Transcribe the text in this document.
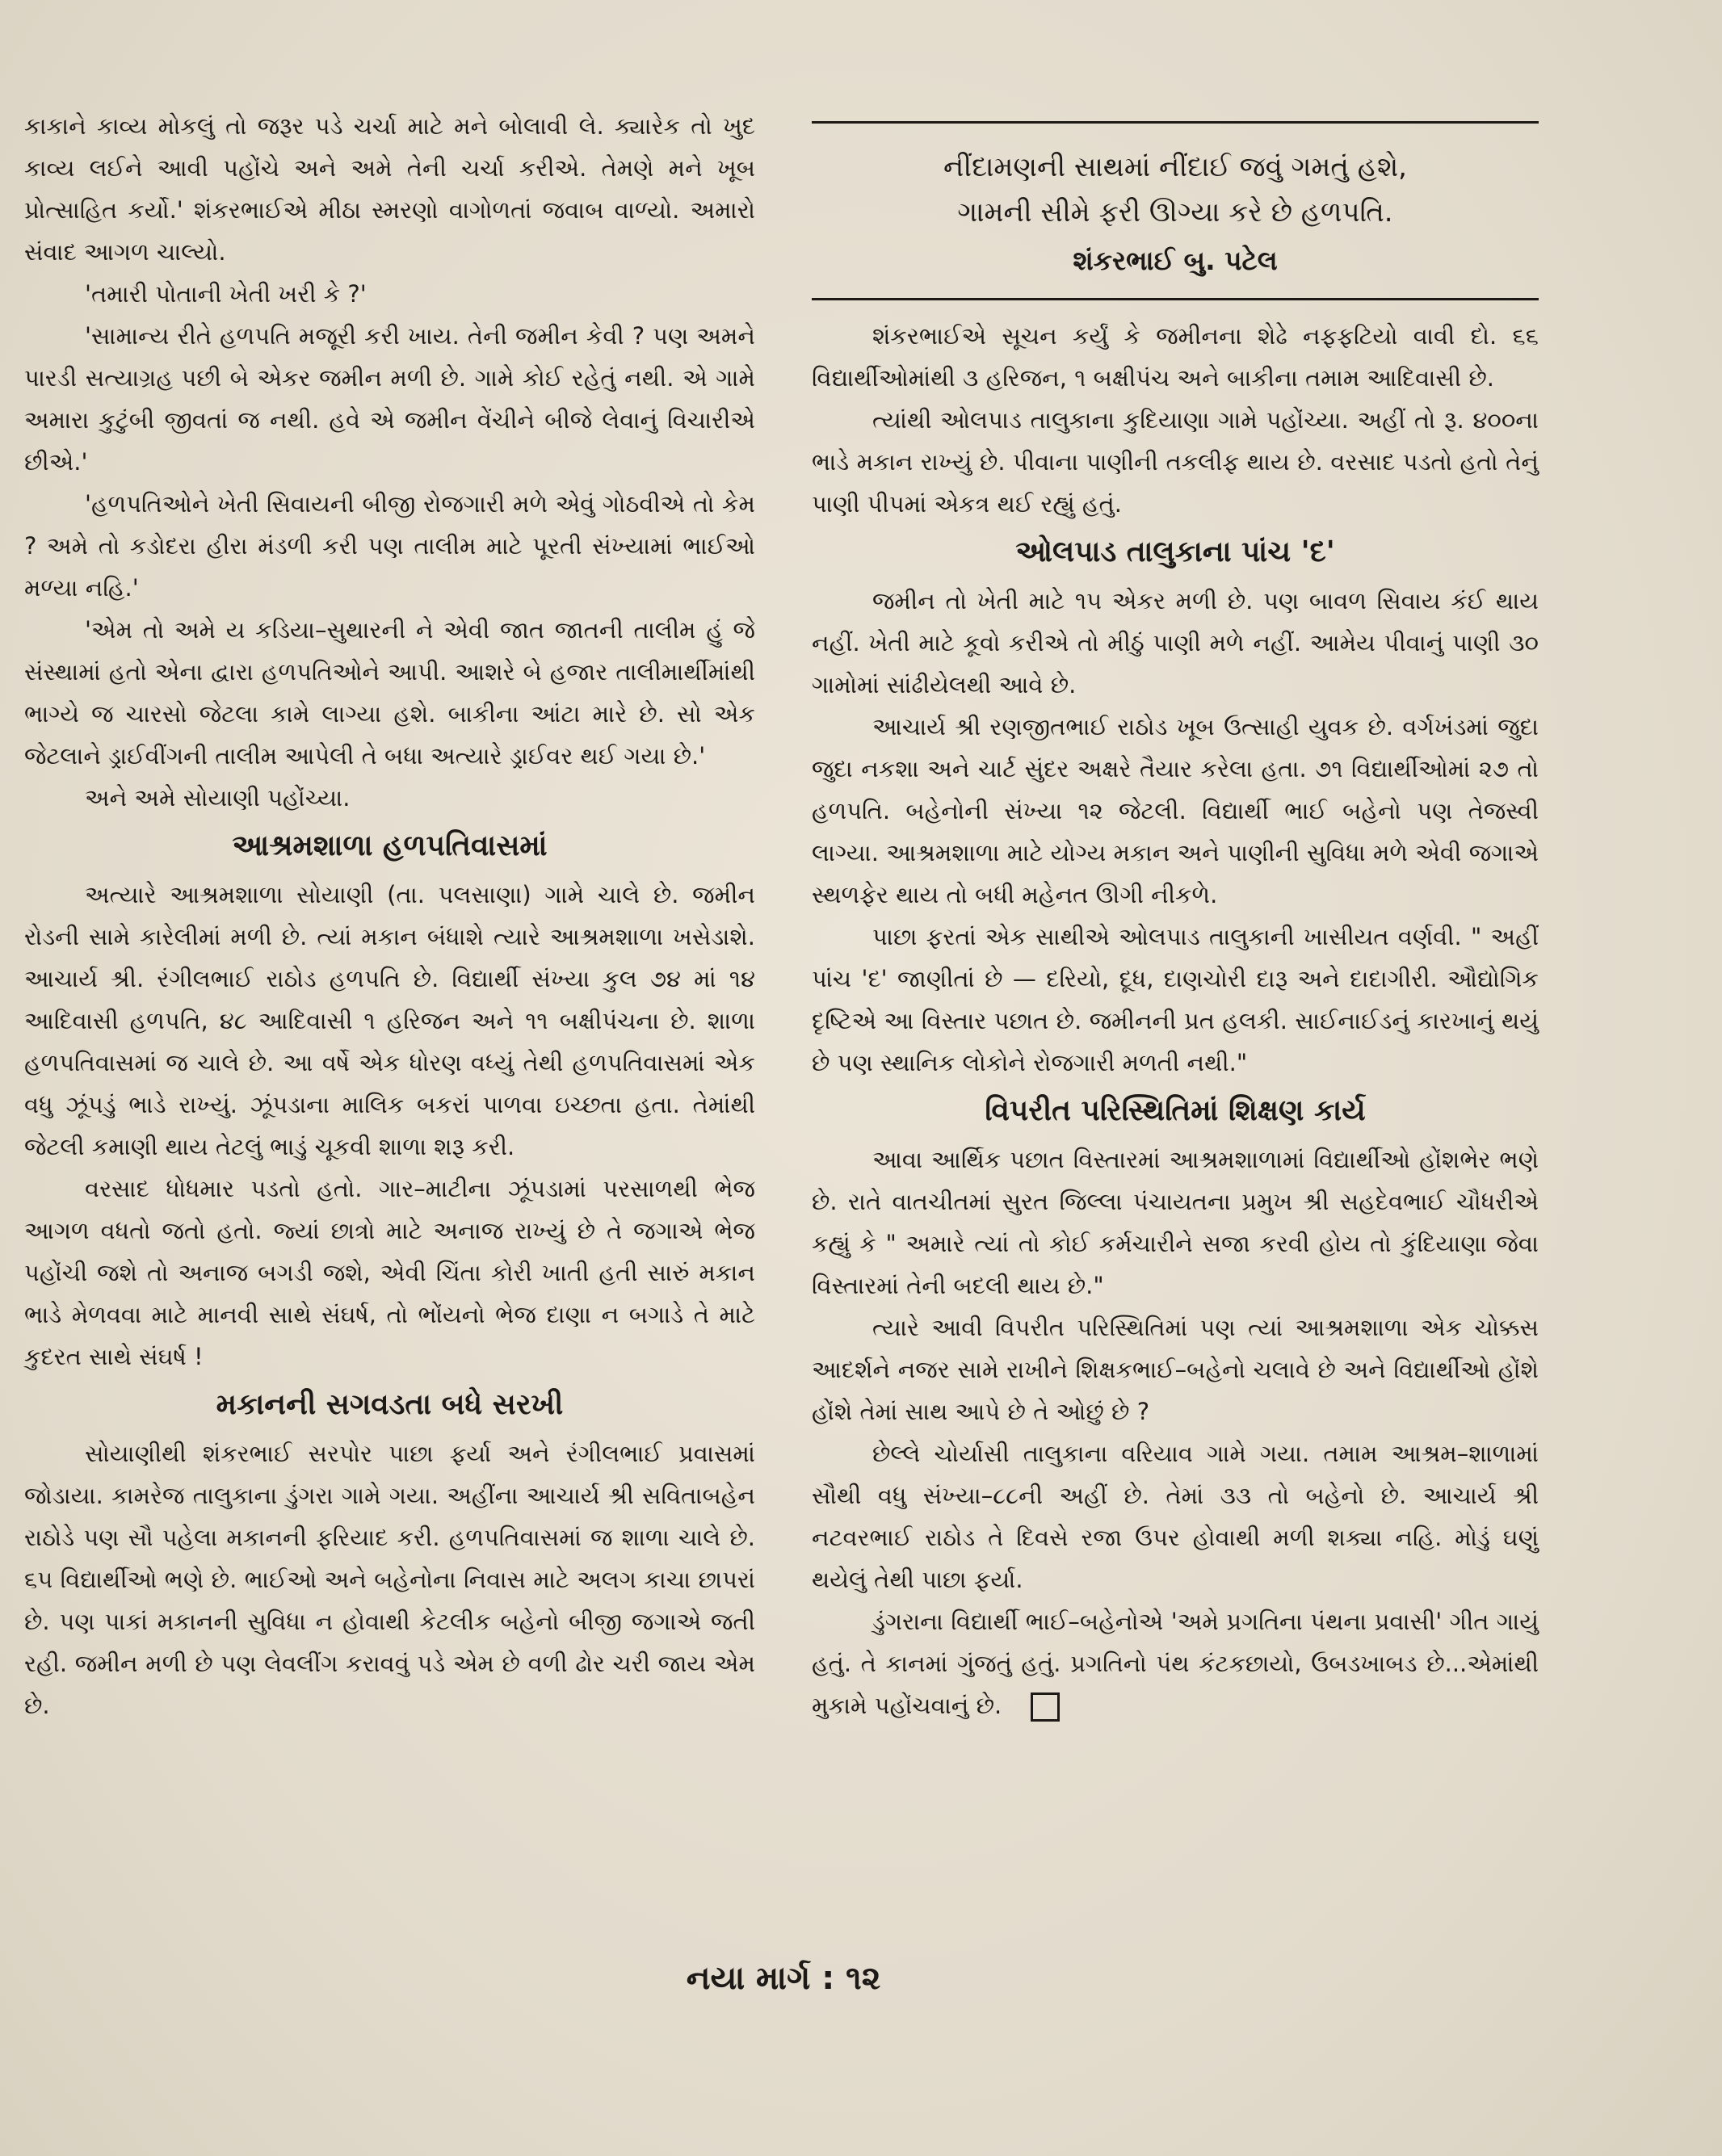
કાકાને કાવ્ય મોકલું તો જરૂર પડે ચર્ચા માટે મને બોલાવી લે. ક્યારેક તો ખુદ કાવ્ય લઈને આવી પહોંચે અને અમે તેની ચર્ચા કરીએ. તેમણે મને ખૂબ પ્રોત્સાહિત કર્યો.' શંકરભાઈએ મીઠા સ્મરણો વાગોળતાં જવાબ વાળ્યો. અમારો સંવાદ આગળ ચાલ્યો.

'તમારી પોતાની ખેતી ખરી કે ?'

'સામાન્ય રીતે હળપતિ મજૂરી કરી ખાય. તેની જમીન કેવી ? પણ અમને પારડી સત્યાગ્રહ પછી બે એકર જમીન મળી છે. ગામે કોઈ રહેતું નથી. એ ગામે અમારા કુટુંબી જીવતાં જ નથી. હવે એ જમીન વેંચીને બીજે લેવાનું વિચારીએ છીએ.'

'હળપતિઓને ખેતી સિવાયની બીજી રોજગારી મળે એવું ગોઠવીએ તો કેમ ? અમે તો કડોદરા હીરા મંડળી કરી પણ તાલીમ માટે પૂરતી સંખ્યામાં ભાઈઓ મળ્યા નહિ.'

'એમ તો અમે ય કડિયા–સુથારની ને એવી જાત જાતની તાલીમ હું જે સંસ્થામાં હતો એના દ્વારા હળપતિઓને આપી. આશરે બે હજાર તાલીમાર્થીમાંથી ભાગ્યે જ ચારસો જેટલા કામે લાગ્યા હશે. બાકીના આંટા મારે છે. સો એક જેટલાને ડ્રાઈવીંગની તાલીમ આપેલી તે બધા અત્યારે ડ્રાઈવર થઈ ગયા છે.'

અને અમે સોયાણી પહોંચ્યા.

આશ્રમશાળા હળપતિવાસમાં

અત્યારે આશ્રમશાળા સોયાણી (તા. પલસાણા) ગામે ચાલે છે. જમીન રોડની સામે કારેલીમાં મળી છે. ત્યાં મકાન બંધાશે ત્યારે આશ્રમશાળા ખસેડાશે. આચાર્ય શ્રી. રંગીલભાઈ રાઠોડ હળપતિ છે. વિદ્યાર્થી સંખ્યા કુલ ૭૪ માં ૧૪ આદિવાસી હળપતિ, ૪૮ આદિવાસી ૧ હરિજન અને ૧૧ બક્ષીપંચના છે. શાળા હળપતિવાસમાં જ ચાલે છે. આ વર્ષે એક ધોરણ વધ્યું તેથી હળપતિવાસમાં એક વધુ ઝૂંપડું ભાડે રાખ્યું. ઝૂંપડાના માલિક બકરાં પાળવા ઇચ્છતા હતા. તેમાંથી જેટલી કમાણી થાય તેટલું ભાડું ચૂકવી શાળા શરૂ કરી.

વરસાદ ધોધમાર પડતો હતો. ગાર–માટીના ઝૂંપડામાં પરસાળથી ભેજ આગળ વધતો જતો હતો. જ્યાં છાત્રો માટે અનાજ રાખ્યું છે તે જગાએ ભેજ પહોંચી જશે તો અનાજ બગડી જશે, એવી ચિંતા કોરી ખાતી હતી સારું મકાન ભાડે મેળવવા માટે માનવી સાથે સંઘર્ષ, તો ભોંયનો ભેજ દાણા ન બગાડે તે માટે કુદરત સાથે સંઘર્ષ !

મકાનની સગવડતા બધે સરખી

સોયાણીથી શંકરભાઈ સરપોર પાછા ફર્યા અને રંગીલભાઈ પ્રવાસમાં જોડાયા. કામરેજ તાલુકાના ડુંગરા ગામે ગયા. અહીંના આચાર્ય શ્રી સવિતાબહેન રાઠોડે પણ સૌ પહેલા મકાનની ફરિયાદ કરી. હળપતિવાસમાં જ શાળા ચાલે છે. ૬૫ વિદ્યાર્થીઓ ભણે છે. ભાઈઓ અને બહેનોના નિવાસ માટે અલગ કાચા છાપરાં છે. પણ પાકાં મકાનની સુવિધા ન હોવાથી કેટલીક બહેનો બીજી જગાએ જતી રહી. જમીન મળી છે પણ લેવલીંગ કરાવવું પડે એમ છે વળી ઢોર ચરી જાય એમ છે.

નીંદામણની સાથમાં નીંદાઈ જવું ગમતું હશે,
ગામની સીમે ફરી ઊગ્યા કરે છે હળપતિ.
શંકરભાઈ બુ. પટેલ

શંકરભાઈએ સૂચન કર્યું કે જમીનના શેઢે નફફટિયો વાવી દો. ૬૬ વિદ્યાર્થીઓમાંથી ૩ હરિજન, ૧ બક્ષીપંચ અને બાકીના તમામ આદિવાસી છે.

ત્યાંથી ઓલપાડ તાલુકાના કુદિયાણા ગામે પહોંચ્યા. અહીં તો રૂ. ૪૦૦ના ભાડે મકાન રાખ્યું છે. પીવાના પાણીની તકલીફ થાય છે. વરસાદ પડતો હતો તેનું પાણી પીપમાં એકત્ર થઈ રહ્યું હતું.

ઓલપાડ તાલુકાના પાંચ 'દ'

જમીન તો ખેતી માટે ૧૫ એકર મળી છે. પણ બાવળ સિવાય કંઈ થાય નહીં. ખેતી માટે કૂવો કરીએ તો મીઠું પાણી મળે નહીં. આમેય પીવાનું પાણી ૩૦ ગામોમાં સાંઢીયેલથી આવે છે.

આચાર્ય શ્રી રણજીતભાઈ રાઠોડ ખૂબ ઉત્સાહી યુવક છે. વર્ગખંડમાં જુદા જુદા નકશા અને ચાર્ટ સુંદર અક્ષરે તૈયાર કરેલા હતા. ૭૧ વિદ્યાર્થીઓમાં ૨૭ તો હળપતિ. બહેનોની સંખ્યા ૧૨ જેટલી. વિદ્યાર્થી ભાઈ બહેનો પણ તેજસ્વી લાગ્યા. આશ્રમશાળા માટે યોગ્ય મકાન અને પાણીની સુવિધા મળે એવી જગાએ સ્થળફેર થાય તો બધી મહેનત ઊગી નીકળે.

પાછા ફરતાં એક સાથીએ ઓલપાડ તાલુકાની ખાસીયત વર્ણવી. " અહીં પાંચ 'દ' જાણીતાં છે — દરિયો, દૂધ, દાણચોરી દારૂ અને દાદાગીરી. ઔદ્યોગિક દૃષ્ટિએ આ વિસ્તાર પછાત છે. જમીનની પ્રત હલકી. સાઈનાઈડનું કારખાનું થયું છે પણ સ્થાનિક લોકોને રોજગારી મળતી નથી."

વિપરીત પરિસ્થિતિમાં શિક્ષણ કાર્ય

આવા આર્થિક પછાત વિસ્તારમાં આશ્રમશાળામાં વિદ્યાર્થીઓ હોંશભેર ભણે છે. રાતે વાતચીતમાં સુરત જિલ્લા પંચાયતના પ્રમુખ શ્રી સહદેવભાઈ ચૌધરીએ કહ્યું કે " અમારે ત્યાં તો કોઈ કર્મચારીને સજા કરવી હોય તો કુંદિયાણા જેવા વિસ્તારમાં તેની બદલી થાય છે."

ત્યારે આવી વિપરીત પરિસ્થિતિમાં પણ ત્યાં આશ્રમશાળા એક ચોક્કસ આદર્શને નજર સામે રાખીને શિક્ષકભાઈ–બહેનો ચલાવે છે અને વિદ્યાર્થીઓ હોંશે હોંશે તેમાં સાથ આપે છે તે ઓછું છે ?

છેલ્લે ચોર્યાસી તાલુકાના વરિયાવ ગામે ગયા. તમામ આશ્રમ–શાળામાં સૌથી વધુ સંખ્યા–૮૮ની અહીં છે. તેમાં ૩૩ તો બહેનો છે. આચાર્ય શ્રી નટવરભાઈ રાઠોડ તે દિવસે રજા ઉપર હોવાથી મળી શક્યા નહિ. મોડું ઘણું થયેલું તેથી પાછા ફર્યા.

ડુંગરાના વિદ્યાર્થી ભાઈ–બહેનોએ 'અમે પ્રગતિના પંથના પ્રવાસી' ગીત ગાયું હતું. તે કાનમાં ગુંજતું હતું. પ્રગતિનો પંથ કંટકછાયો, ઉબડખાબડ છે...એમાંથી મુકામે પહોંચવાનું છે.

નયા માર્ગ : ૧૨
